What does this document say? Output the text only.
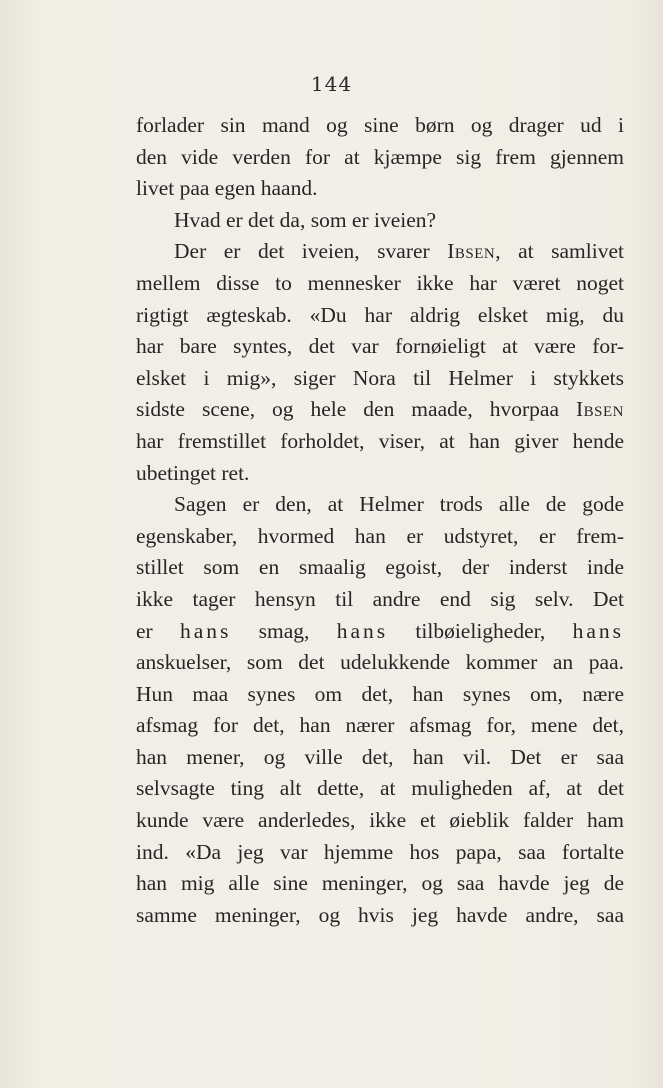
144
forlader sin mand og sine børn og drager ud i
den vide verden for at kjæmpe sig frem gjennem
livet paa egen haand.
Hvad er det da, som er iveien?
Der er det iveien, svarer Ibsen, at samlivet
mellem disse to mennesker ikke har været noget
rigtigt ægteskab. «Du har aldrig elsket mig, du
har bare syntes, det var fornøieligt at være for-
elsket i mig», siger Nora til Helmer i stykkets
sidste scene, og hele den maade, hvorpaa Ibsen
har fremstillet forholdet, viser, at han giver hende
ubetinget ret.
Sagen er den, at Helmer trods alle de gode
egenskaber, hvormed han er udstyret, er frem-
stillet som en smaalig egoist, der inderst inde
ikke tager hensyn til andre end sig selv. Det
er hans smag, hans tilbøieligheder, hans
anskuelser, som det udelukkende kommer an paa.
Hun maa synes om det, han synes om, nære
afsmag for det, han nærer afsmag for, mene det,
han mener, og ville det, han vil. Det er saa
selvsagte ting alt dette, at muligheden af, at det
kunde være anderledes, ikke et øieblik falder ham
ind. «Da jeg var hjemme hos papa, saa fortalte
han mig alle sine meninger, og saa havde jeg de
samme meninger, og hvis jeg havde andre, saa
